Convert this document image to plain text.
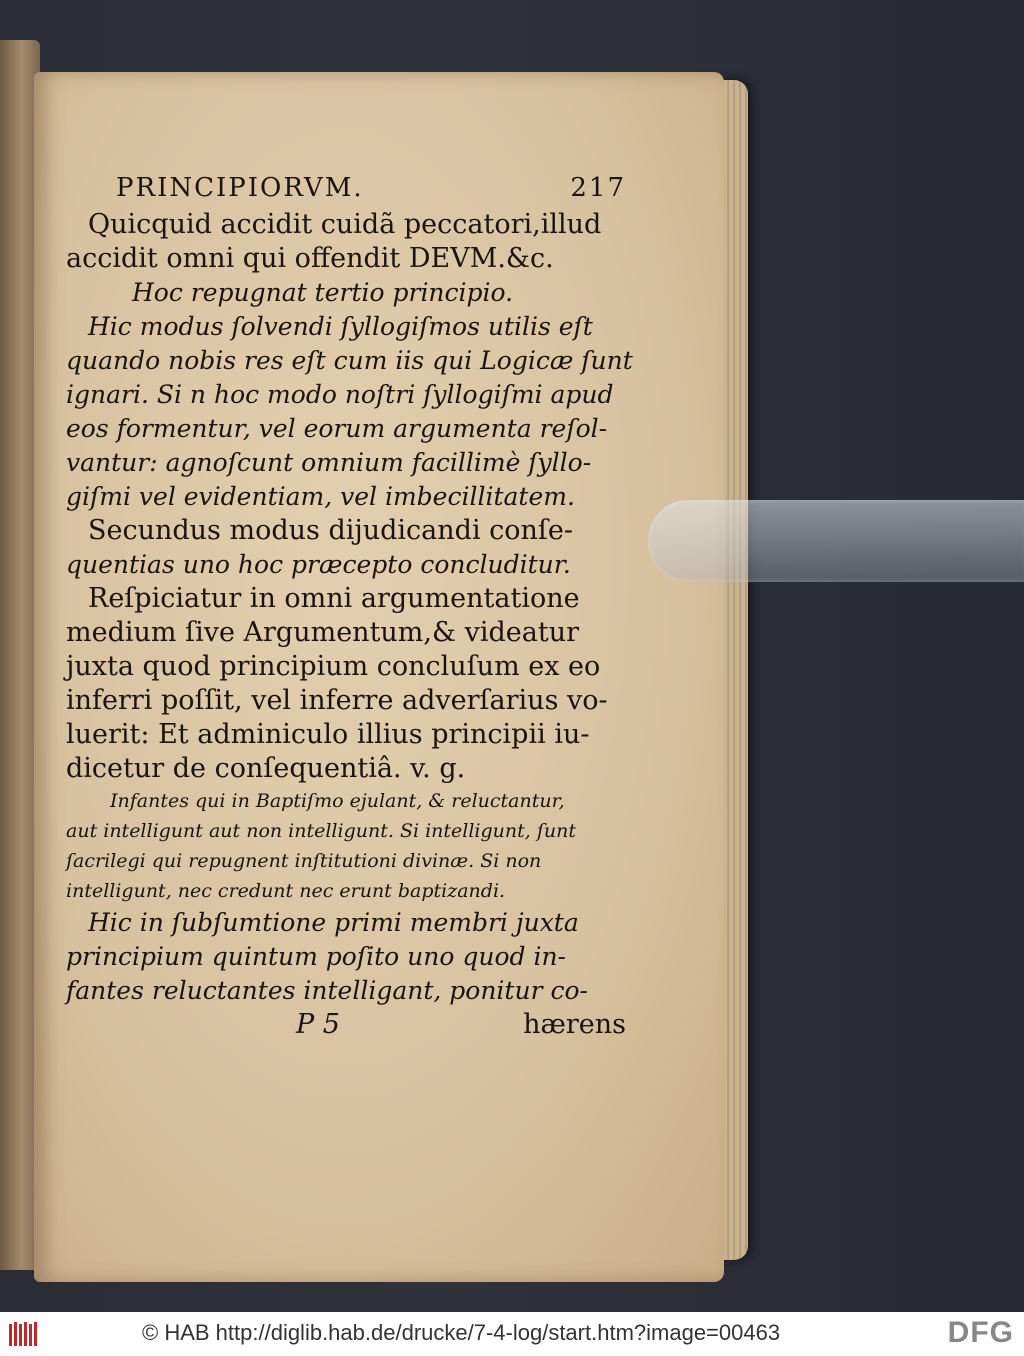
PRINCIPIORVM.	217
Quicquid accidit cuidã peccatori,illud
accidit omni qui offendit DEVM.&c.
Hoc repugnat tertio principio.
Hic modus ſolvendi ſyllogiſmos utilis eſt
quando nobis res eſt cum iis qui Logicæ ſunt
ignari. Si n hoc modo noſtri ſyllogiſmi apud
eos formentur, vel eorum argumenta reſol-
vantur: agnoſcunt omnium facillimè ſyllo-
giſmi vel evidentiam, vel imbecillitatem.
Secundus modus dijudicandi conſe-
quentias uno hoc præcepto concluditur.
Reſpiciatur in omni argumentatione
medium ſive Argumentum,& videatur
juxta quod principium concluſum ex eo
inferri poſſit, vel inferre adverſarius vo-
luerit: Et adminiculo illius principii iu-
dicetur de conſequentiâ. v. g.
Infantes qui in Baptiſmo ejulant, & reluctantur,
aut intelligunt aut non intelligunt. Si intelligunt, ſunt
ſacrilegi qui repugnent inſtitutioni divinæ. Si non
intelligunt, nec credunt nec erunt baptizandi.
Hic in ſubſumtione primi membri juxta
principium quintum poſito uno quod in-
fantes reluctantes intelligant, ponitur co-
P 5	hærens
© HAB http://diglib.hab.de/drucke/7-4-log/start.htm?image=00463	DFG
